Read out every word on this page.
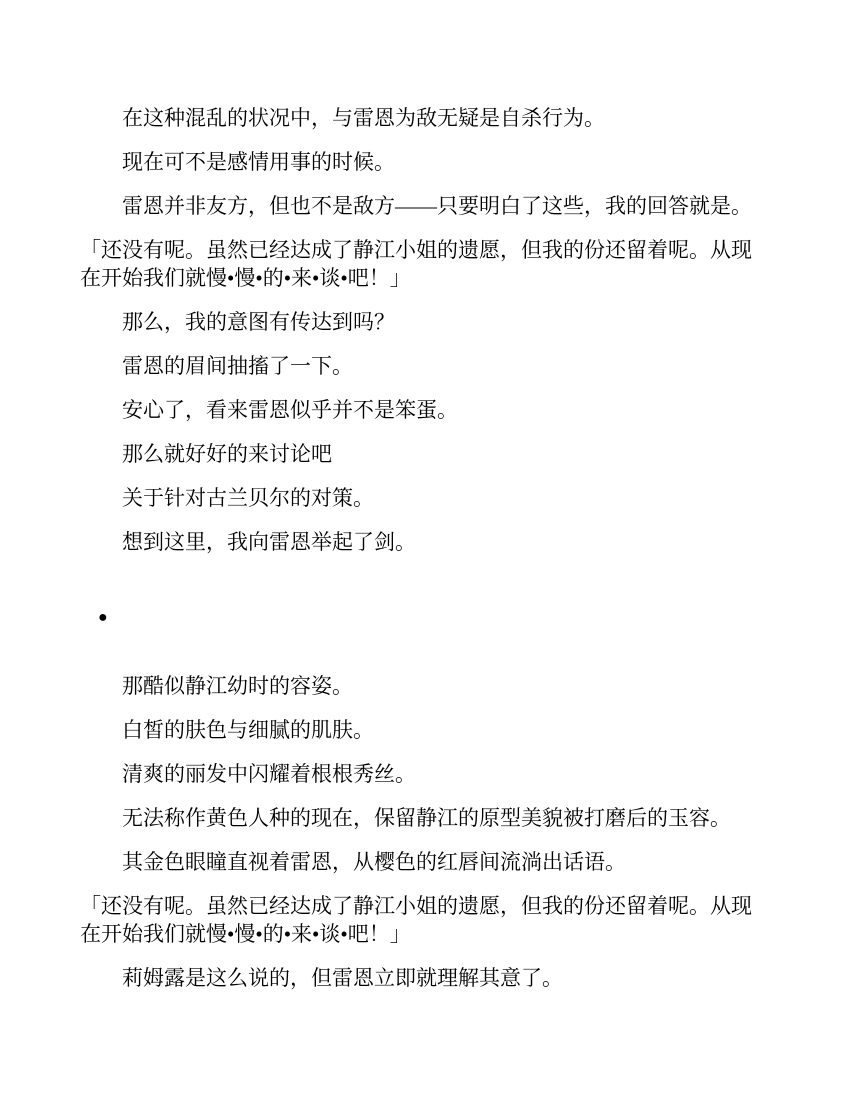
在这种混乱的状况中，与雷恩为敌无疑是自杀行为。

现在可不是感情用事的时候。

雷恩并非友方，但也不是敌方——只要明白了这些，我的回答就是。

「还没有呢。虽然已经达成了静江小姐的遗愿，但我的份还留着呢。从现在开始我们就慢•慢•的•来•谈•吧！」

那么，我的意图有传达到吗？

雷恩的眉间抽搐了一下。

安心了，看来雷恩似乎并不是笨蛋。

那么就好好的来讨论吧

关于针对古兰贝尔的对策。

想到这里，我向雷恩举起了剑。

●

那酷似静江幼时的容姿。

白皙的肤色与细腻的肌肤。

清爽的丽发中闪耀着根根秀丝。

无法称作黄色人种的现在，保留静江的原型美貌被打磨后的玉容。

其金色眼瞳直视着雷恩，从樱色的红唇间流淌出话语。

「还没有呢。虽然已经达成了静江小姐的遗愿，但我的份还留着呢。从现在开始我们就慢•慢•的•来•谈•吧！」

莉姆露是这么说的，但雷恩立即就理解其意了。
